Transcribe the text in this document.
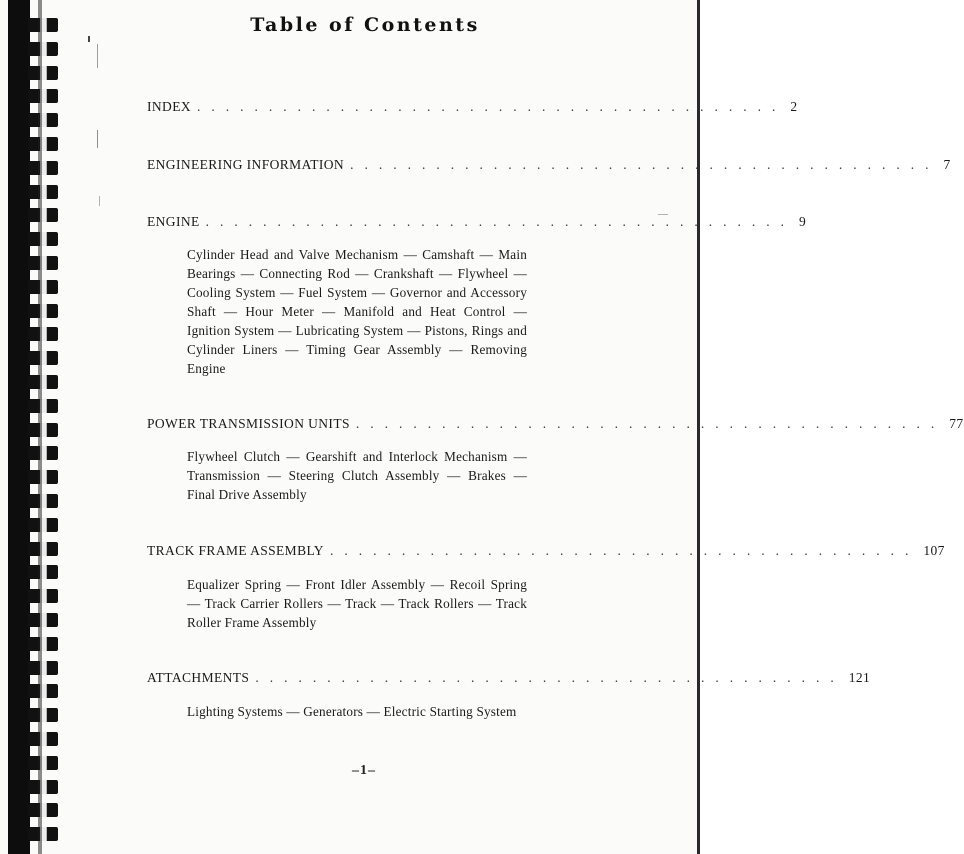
Table of Contents
INDEX ......................................... 2
ENGINEERING INFORMATION ......................................... 7
ENGINE ......................................... 9
Cylinder Head and Valve Mechanism — Camshaft — Main Bearings — Connecting Rod — Crankshaft — Flywheel — Cooling System — Fuel System — Governor and Accessory Shaft — Hour Meter — Manifold and Heat Control — Ignition System — Lubricating System — Pistons, Rings and Cylinder Liners — Timing Gear Assembly — Removing Engine
POWER TRANSMISSION UNITS ......................................... 77
Flywheel Clutch — Gearshift and Interlock Mechanism — Transmission — Steering Clutch Assembly — Brakes — Final Drive Assembly
TRACK FRAME ASSEMBLY ......................................... 107
Equalizer Spring — Front Idler Assembly — Recoil Spring — Track Carrier Rollers — Track — Track Rollers — Track Roller Frame Assembly
ATTACHMENTS ......................................... 121
Lighting Systems — Generators — Electric Starting System
–1–
